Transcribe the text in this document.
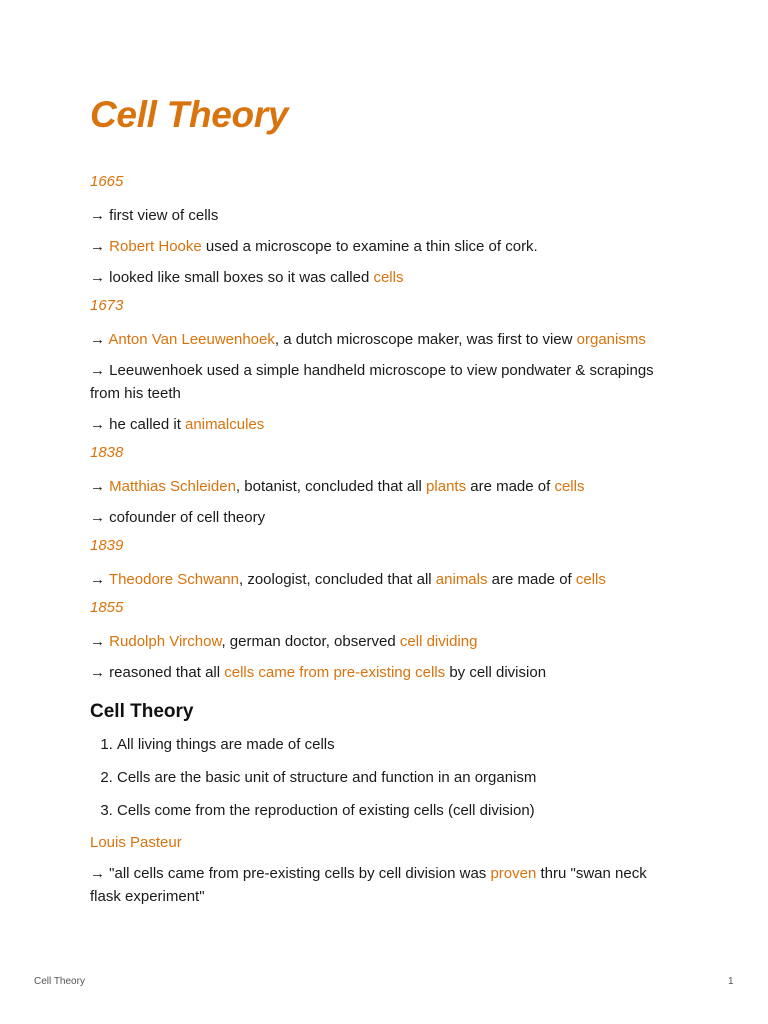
Cell Theory
1665
→ first view of cells
→ Robert Hooke used a microscope to examine a thin slice of cork.
→ looked like small boxes so it was called cells
1673
→ Anton Van Leeuwenhoek, a dutch microscope maker, was first to view organisms
→ Leeuwenhoek used a simple handheld microscope to view pondwater & scrapings from his teeth
→ he called it animalcules
1838
→ Matthias Schleiden, botanist, concluded that all plants are made of cells
→ cofounder of cell theory
1839
→ Theodore Schwann, zoologist, concluded that all animals are made of cells
1855
→ Rudolph Virchow, german doctor, observed cell dividing
→ reasoned that all cells came from pre-existing cells by cell division
Cell Theory
1. All living things are made of cells
2. Cells are the basic unit of structure and function in an organism
3. Cells come from the reproduction of existing cells (cell division)
Louis Pasteur
→ "all cells came from pre-existing cells by cell division was proven thru "swan neck flask experiment"
Cell Theory	1
